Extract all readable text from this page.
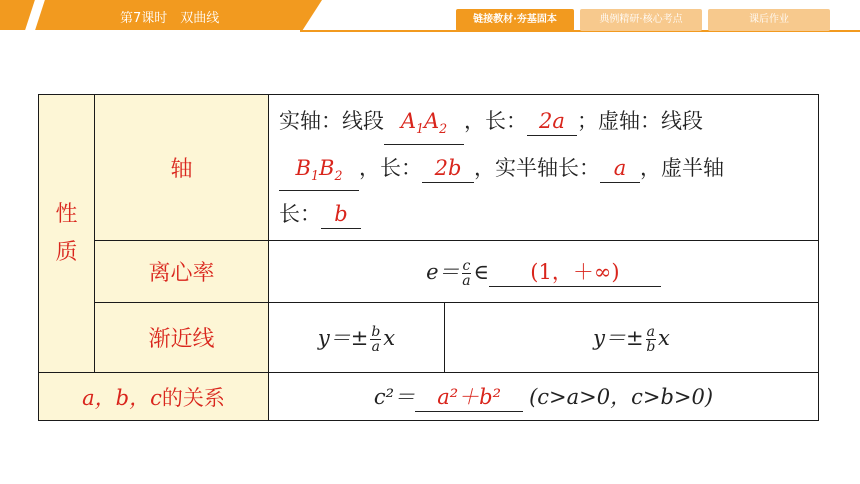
第7课时　双曲线	链接教材·夯基固本	典例精研·核心考点	课后作业
性
质	轴	实轴：线段 $A_1A_2$ ，长： 2a ；虚轴：线段
$B_1B_2$ ，长： 2b ，实半轴长： a ，虚半轴
长： b	
	离心率	$e= \frac{c}{a}$ ∈ (1，＋∞)	
	渐近线	$y=\pm \frac{b}{a}$ x	$y=\pm \frac{a}{b}$ x
a，b，c的关系		c²＝ a²＋b² (c>a>0，c>b>0)	
